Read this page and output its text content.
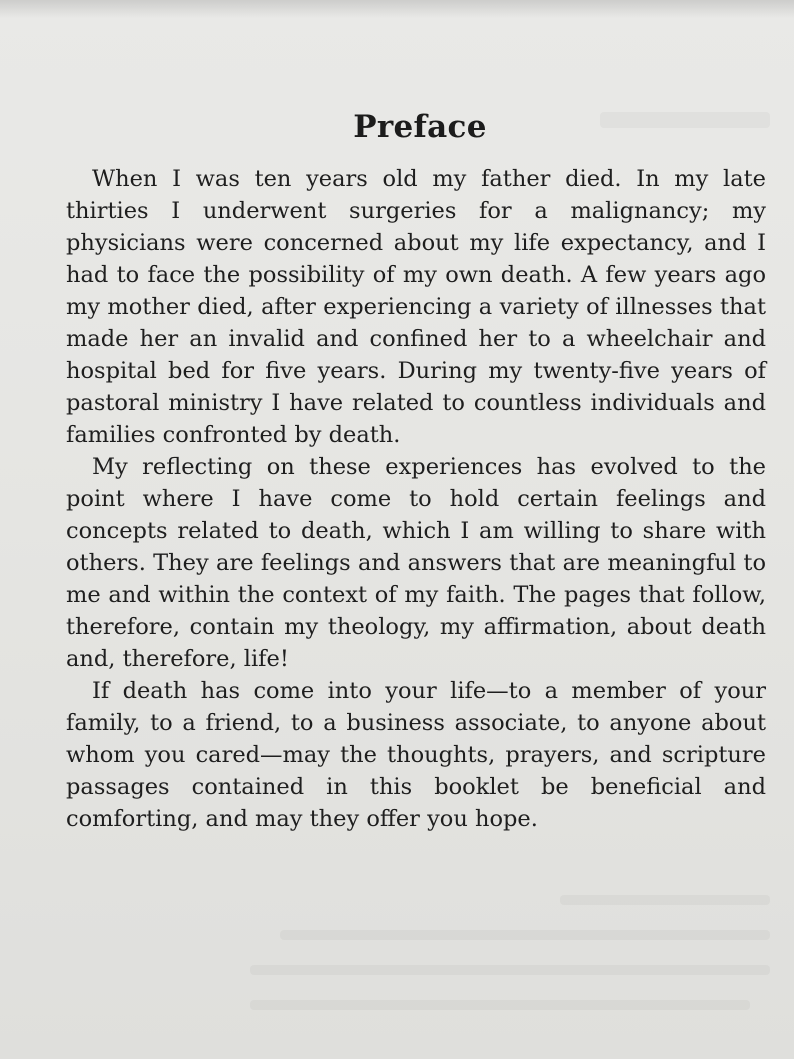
Preface

When I was ten years old my father died. In my late thirties I underwent surgeries for a malignancy; my physicians were concerned about my life expectancy, and I had to face the possibility of my own death. A few years ago my mother died, after experiencing a variety of illnesses that made her an invalid and confined her to a wheelchair and hospital bed for five years. During my twenty-five years of pastoral ministry I have related to countless individuals and families confronted by death.

My reflecting on these experiences has evolved to the point where I have come to hold certain feelings and concepts related to death, which I am willing to share with others. They are feelings and answers that are meaningful to me and within the context of my faith. The pages that follow, therefore, contain my theology, my affirmation, about death and, therefore, life!

If death has come into your life—to a member of your family, to a friend, to a business associate, to anyone about whom you cared—may the thoughts, prayers, and scripture passages contained in this booklet be beneficial and comforting, and may they offer you hope.
